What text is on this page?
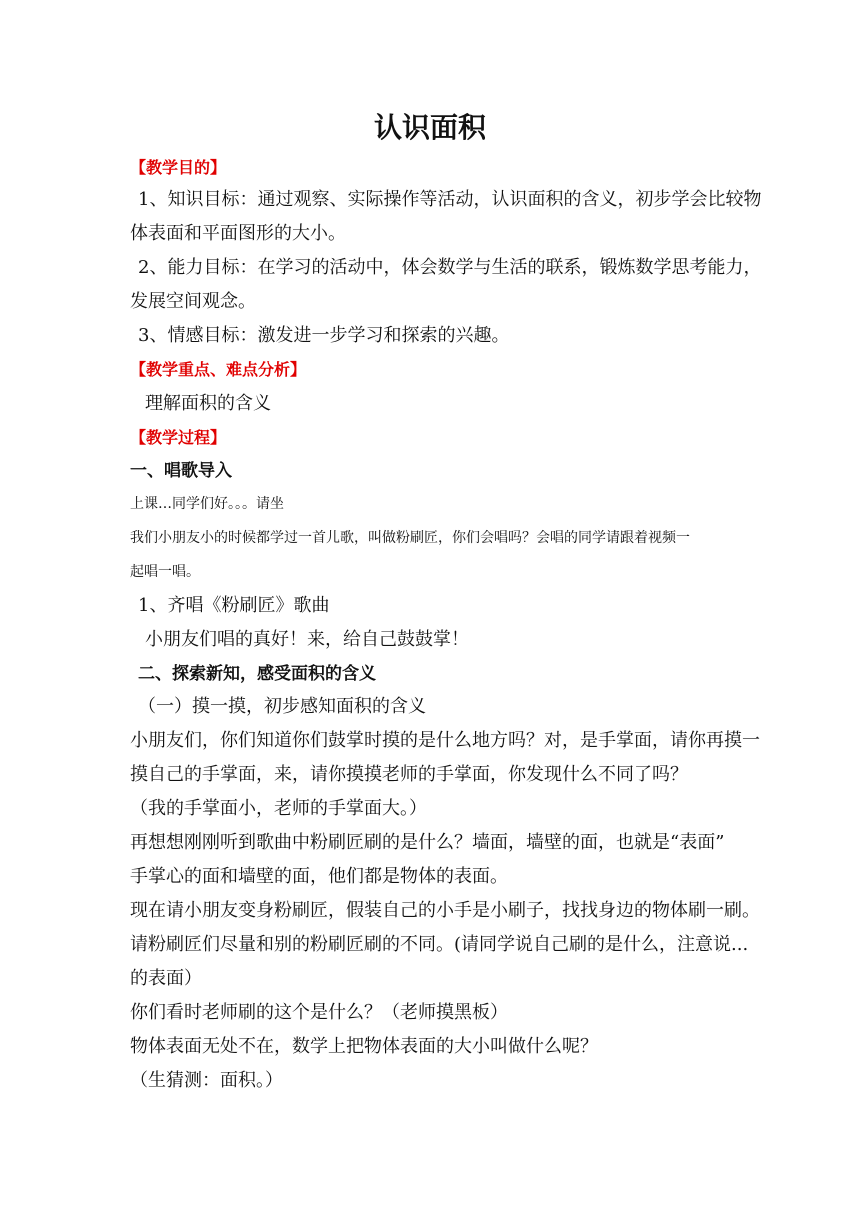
认识面积
【教学目的】
1、知识目标：通过观察、实际操作等活动，认识面积的含义，初步学会比较物
体表面和平面图形的大小。
2、能力目标：在学习的活动中，体会数学与生活的联系，锻炼数学思考能力，
发展空间观念。
3、情感目标：激发进一步学习和探索的兴趣。
【教学重点、难点分析】
理解面积的含义
【教学过程】
一、唱歌导入
上课…同学们好。。。请坐
我们小朋友小的时候都学过一首儿歌，叫做粉刷匠，你们会唱吗？会唱的同学请跟着视频一
起唱一唱。
1、齐唱《粉刷匠》歌曲
小朋友们唱的真好！来，给自己鼓鼓掌！
二、探索新知，感受面积的含义
（一）摸一摸，初步感知面积的含义
小朋友们，你们知道你们鼓掌时摸的是什么地方吗？对，是手掌面，请你再摸一
摸自己的手掌面，来，请你摸摸老师的手掌面，你发现什么不同了吗？
（我的手掌面小，老师的手掌面大。）
再想想刚刚听到歌曲中粉刷匠刷的是什么？墙面，墙壁的面，也就是“表面”
手掌心的面和墙壁的面，他们都是物体的表面。
现在请小朋友变身粉刷匠，假装自己的小手是小刷子，找找身边的物体刷一刷。
请粉刷匠们尽量和别的粉刷匠刷的不同。(请同学说自己刷的是什么，注意说...
的表面）
你们看时老师刷的这个是什么？（老师摸黑板）
物体表面无处不在，数学上把物体表面的大小叫做什么呢？
（生猜测：面积。）
